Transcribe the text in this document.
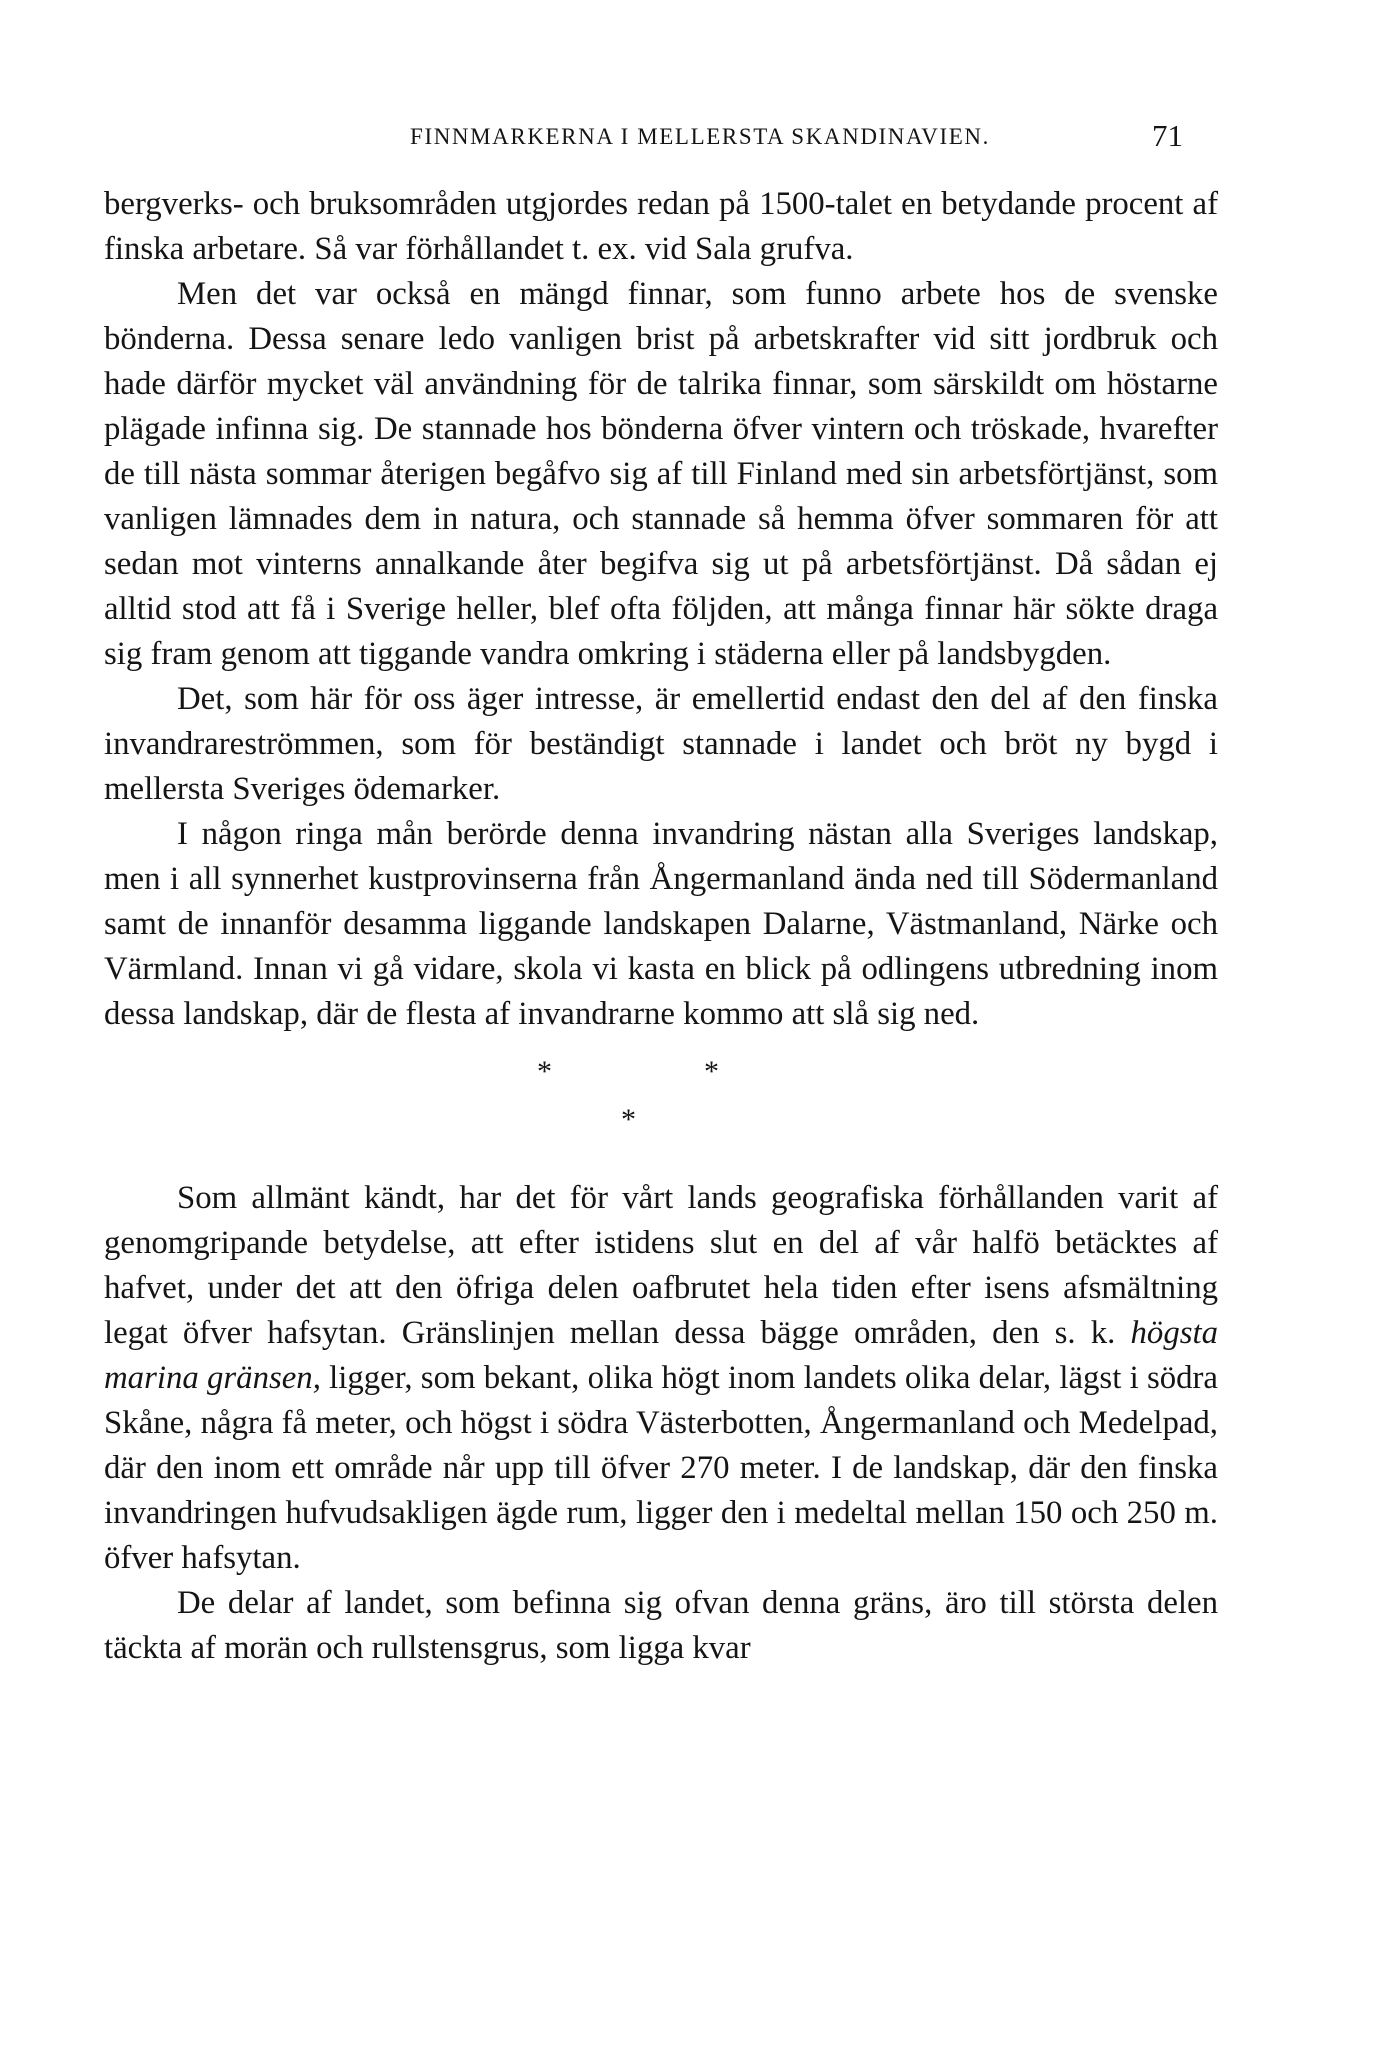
FINNMARKERNA I MELLERSTA SKANDINAVIEN.	71

bergverks- och bruksområden utgjordes redan på 1500-talet en betydande procent af finska arbetare. Så var förhållandet t. ex. vid Sala grufva.

Men det var också en mängd finnar, som funno arbete hos de svenske bönderna. Dessa senare ledo vanligen brist på arbetskrafter vid sitt jordbruk och hade därför mycket väl användning för de talrika finnar, som särskildt om höstarne plägade infinna sig. De stannade hos bönderna öfver vintern och tröskade, hvarefter de till nästa sommar återigen begåfvo sig af till Finland med sin arbetsförtjänst, som vanligen lämnades dem in natura, och stannade så hemma öfver sommaren för att sedan mot vinterns annalkande åter begifva sig ut på arbetsförtjänst. Då sådan ej alltid stod att få i Sverige heller, blef ofta följden, att många finnar här sökte draga sig fram genom att tiggande vandra omkring i städerna eller på landsbygden.

Det, som här för oss äger intresse, är emellertid endast den del af den finska invandrareströmmen, som för beständigt stannade i landet och bröt ny bygd i mellersta Sveriges ödemarker.

I någon ringa mån berörde denna invandring nästan alla Sveriges landskap, men i all synnerhet kustprovinserna från Ångermanland ända ned till Södermanland samt de innanför desamma liggande landskapen Dalarne, Västmanland, Närke och Värmland. Innan vi gå vidare, skola vi kasta en blick på odlingens utbredning inom dessa landskap, där de flesta af invandrarne kommo att slå sig ned.

*	*
*

Som allmänt kändt, har det för vårt lands geografiska förhållanden varit af genomgripande betydelse, att efter istidens slut en del af vår halfö betäcktes af hafvet, under det att den öfriga delen oafbrutet hela tiden efter isens afsmältning legat öfver hafsytan. Gränslinjen mellan dessa bägge områden, den s. k. högsta marina gränsen, ligger, som bekant, olika högt inom landets olika delar, lägst i södra Skåne, några få meter, och högst i södra Västerbotten, Ångermanland och Medelpad, där den inom ett område når upp till öfver 270 meter. I de landskap, där den finska invandringen hufvudsakligen ägde rum, ligger den i medeltal mellan 150 och 250 m. öfver hafsytan.

De delar af landet, som befinna sig ofvan denna gräns, äro till största delen täckta af morän och rullstensgrus, som ligga kvar
